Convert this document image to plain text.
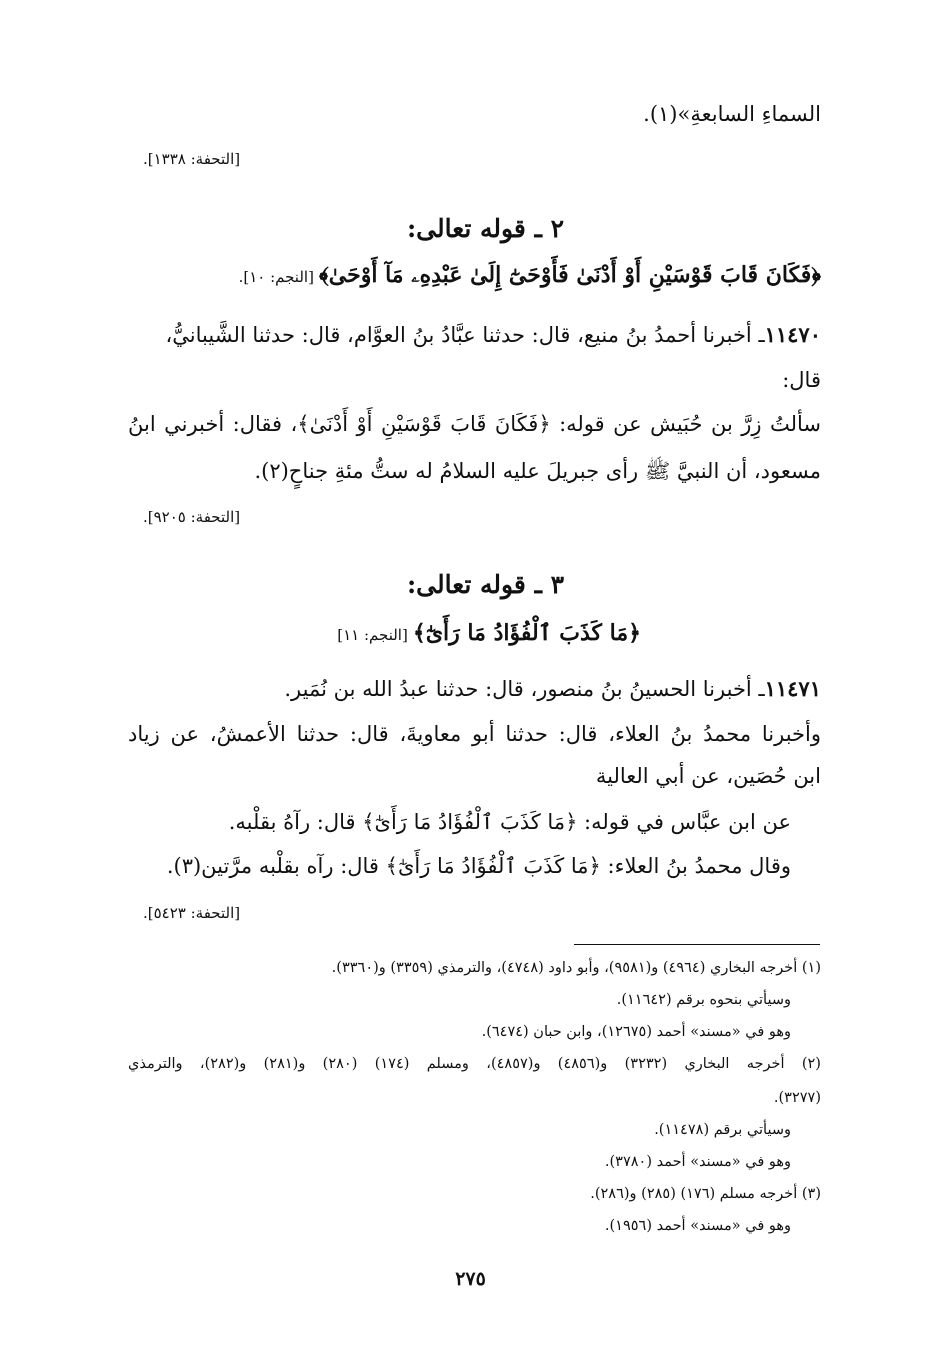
السماءِ السابعةِ»(١).
[التحفة: ١٣٣٨].
٢ ـ قوله تعالى:
﴿فَكَانَ قَابَ قَوْسَيْنِ أَوْ أَدْنَىٰ فَأَوْحَىٰٓ إِلَىٰ عَبْدِهِۦ مَآ أَوْحَىٰ﴾ [النجم: ١٠].
١١٤٧٠ـ أخبرنا أحمدُ بنُ منيع، قال: حدثنا عبَّادُ بنُ العوَّام، قال: حدثنا الشَّيبانيُّ،
قال:
سألتُ زِرَّ بن حُبَيش عن قوله: ﴿فَكَانَ قَابَ قَوْسَيْنِ أَوْ أَدْنَىٰ﴾، فقال: أخبرني ابنُ
مسعود، أن النبيَّ ﷺ رأى جبريلَ عليه السلامُ له ستُّ مئةِ جناحٍ(٢).
[التحفة: ٩٢٠٥].
٣ ـ قوله تعالى:
﴿مَا كَذَبَ ٱلْفُؤَادُ مَا رَأَىٰٓ﴾ [النجم: ١١]
١١٤٧١ـ أخبرنا الحسينُ بنُ منصور، قال: حدثنا عبدُ الله بن نُمَير.
وأخبرنا محمدُ بنُ العلاء، قال: حدثنا أبو معاويةَ، قال: حدثنا الأعمشُ، عن زياد
ابن حُصَين، عن أبي العالية
عن ابن عبَّاس في قوله: ﴿مَا كَذَبَ ٱلْفُؤَادُ مَا رَأَىٰٓ﴾ قال: رآهُ بقلْبه.
وقال محمدُ بنُ العلاء: ﴿مَا كَذَبَ ٱلْفُؤَادُ مَا رَأَىٰٓ﴾ قال: رآه بقلْبه مرَّتين(٣).
[التحفة: ٥٤٢٣].
(١) أخرجه البخاري (٤٩٦٤) و(٩٥٨١)، وأبو داود (٤٧٤٨)، والترمذي (٣٣٥٩) و(٣٣٦٠).
وسيأتي بنحوه برقم (١١٦٤٢).
وهو في «مسند» أحمد (١٢٦٧٥)، وابن حبان (٦٤٧٤).
(٢) أخرجه البخاري (٣٢٣٢) و(٤٨٥٦) و(٤٨٥٧)، ومسلم (١٧٤) (٢٨٠) و(٢٨١) و(٢٨٢)، والترمذي
(٣٢٧٧).
وسيأتي برقم (١١٤٧٨).
وهو في «مسند» أحمد (٣٧٨٠).
(٣) أخرجه مسلم (١٧٦) (٢٨٥) و(٢٨٦).
وهو في «مسند» أحمد (١٩٥٦).
٢٧٥
